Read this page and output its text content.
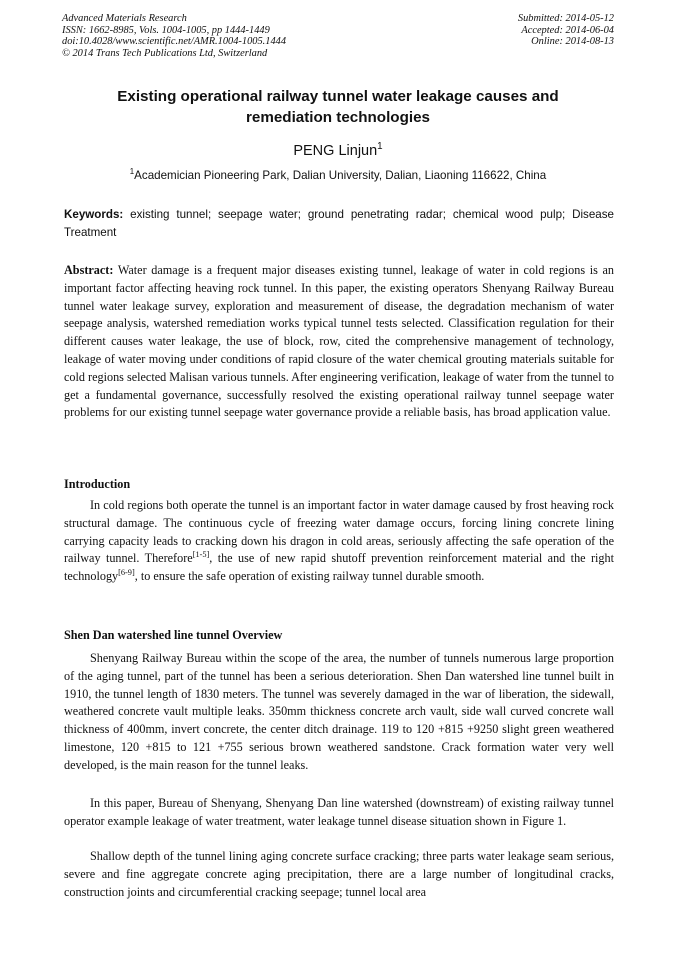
Advanced Materials Research
ISSN: 1662-8985, Vols. 1004-1005, pp 1444-1449
doi:10.4028/www.scientific.net/AMR.1004-1005.1444
© 2014 Trans Tech Publications Ltd, Switzerland
Submitted: 2014-05-12
Accepted: 2014-06-04
Online: 2014-08-13
Existing operational railway tunnel water leakage causes and
remediation technologies
PENG Linjun$^1$
$^1$Academician Pioneering Park, Dalian University, Dalian, Liaoning 116622, China
Keywords: existing tunnel; seepage water; ground penetrating radar; chemical wood pulp; Disease Treatment
Abstract: Water damage is a frequent major diseases existing tunnel, leakage of water in cold regions is an important factor affecting heaving rock tunnel. In this paper, the existing operators Shenyang Railway Bureau tunnel water leakage survey, exploration and measurement of disease, the degradation mechanism of water seepage analysis, watershed remediation works typical tunnel tests selected. Classification regulation for their different causes water leakage, the use of block, row, cited the comprehensive management of technology, leakage of water moving under conditions of rapid closure of the water chemical grouting materials suitable for cold regions selected Malisan various tunnels. After engineering verification, leakage of water from the tunnel to get a fundamental governance, successfully resolved the existing operational railway tunnel seepage water problems for our existing tunnel seepage water governance provide a reliable basis, has broad application value.
Introduction
In cold regions both operate the tunnel is an important factor in water damage caused by frost heaving rock structural damage. The continuous cycle of freezing water damage occurs, forcing lining concrete lining carrying capacity leads to cracking down his dragon in cold areas, seriously affecting the safe operation of the railway tunnel. Therefore[1-5], the use of new rapid shutoff prevention reinforcement material and the right technology[6-9], to ensure the safe operation of existing railway tunnel durable smooth.
Shen Dan watershed line tunnel Overview
Shenyang Railway Bureau within the scope of the area, the number of tunnels numerous large proportion of the aging tunnel, part of the tunnel has been a serious deterioration. Shen Dan watershed line tunnel built in 1910, the tunnel length of 1830 meters. The tunnel was severely damaged in the war of liberation, the sidewall, weathered concrete vault multiple leaks. 350mm thickness concrete arch vault, side wall curved concrete wall thickness of 400mm, invert concrete, the center ditch drainage. 119 to 120 +815 +9250 slight green weathered limestone, 120 +815 to 121 +755 serious brown weathered sandstone. Crack formation water very well developed, is the main reason for the tunnel leaks.
In this paper, Bureau of Shenyang, Shenyang Dan line watershed (downstream) of existing railway tunnel operator example leakage of water treatment, water leakage tunnel disease situation shown in Figure 1.
Shallow depth of the tunnel lining aging concrete surface cracking; three parts water leakage seam serious, severe and fine aggregate concrete aging precipitation, there are a large number of longitudinal cracks, construction joints and circumferential cracking seepage; tunnel local area
